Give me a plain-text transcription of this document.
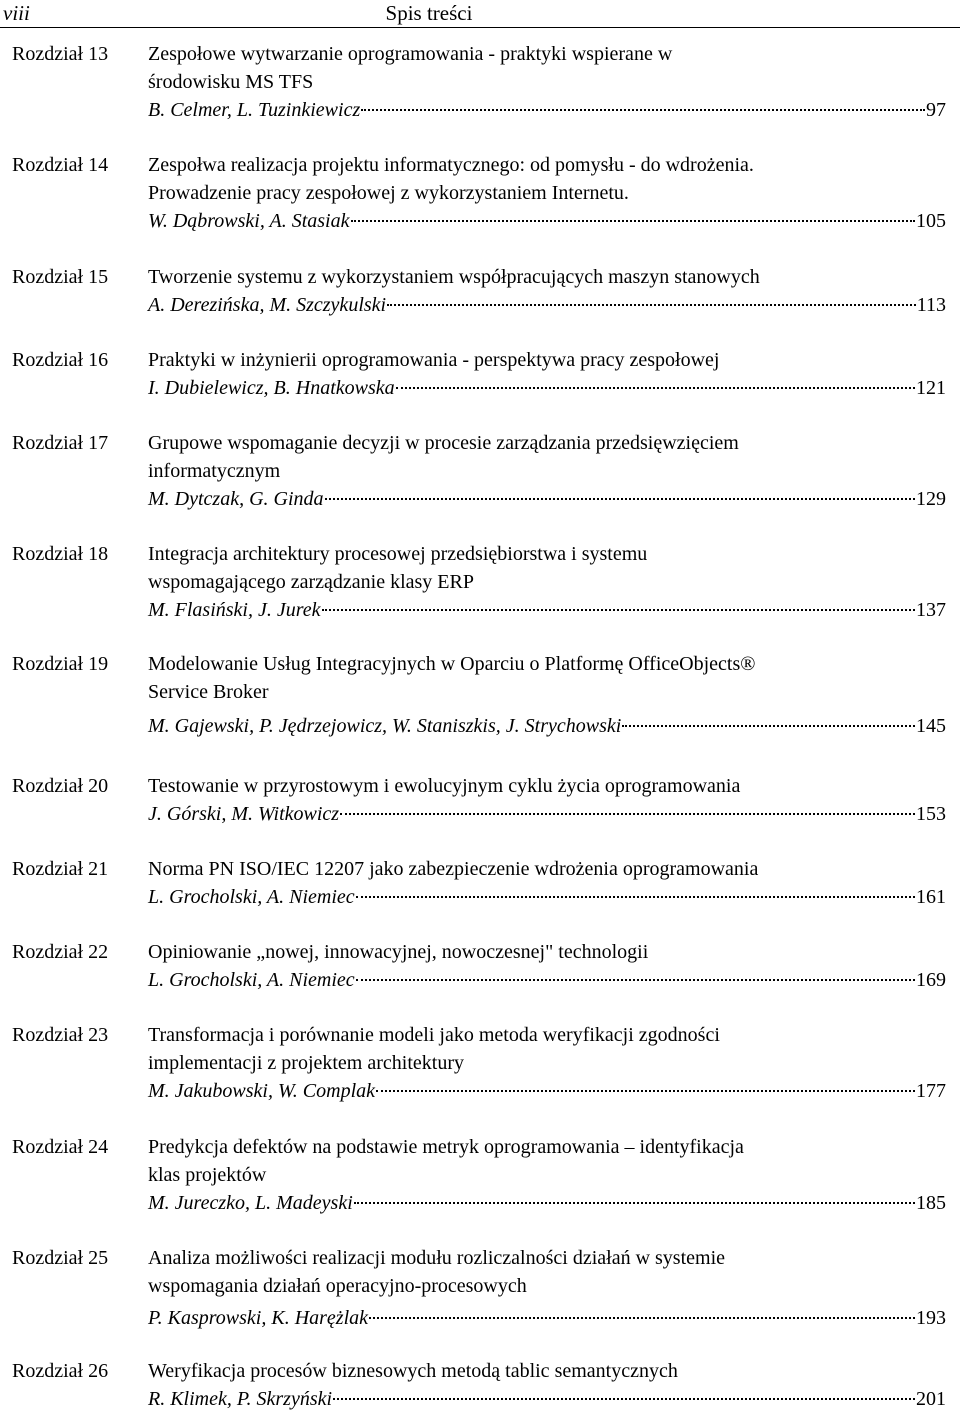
viii	Spis treści
Rozdział 13 Zespołowe wytwarzanie oprogramowania - praktyki wspierane w
środowisku MS TFS
B. Celmer, L. Tuzinkiewicz	97
Rozdział 14 Zespołwa realizacja projektu informatycznego: od pomysłu - do wdrożenia.
Prowadzenie pracy zespołowej z wykorzystaniem Internetu.
W. Dąbrowski, A. Stasiak	105
Rozdział 15 Tworzenie systemu z wykorzystaniem współpracujących maszyn stanowych
A. Derezińska, M. Szczykulski	113
Rozdział 16 Praktyki w inżynierii oprogramowania - perspektywa pracy zespołowej
I. Dubielewicz, B. Hnatkowska	121
Rozdział 17 Grupowe wspomaganie decyzji w procesie zarządzania przedsięwzięciem
informatycznym
M. Dytczak, G. Ginda	129
Rozdział 18 Integracja architektury procesowej przedsiębiorstwa i systemu
wspomagającego zarządzanie klasy ERP
M. Flasiński, J. Jurek	137
Rozdział 19 Modelowanie Usług Integracyjnych w Oparciu o Platformę OfficeObjects®
Service Broker
M. Gajewski, P. Jędrzejowicz, W. Staniszkis, J. Strychowski	145
Rozdział 20 Testowanie w przyrostowym i ewolucyjnym cyklu życia oprogramowania
J. Górski, M. Witkowicz	153
Rozdział 21 Norma PN ISO/IEC 12207 jako zabezpieczenie wdrożenia oprogramowania
L. Grocholski, A. Niemiec	161
Rozdział 22 Opiniowanie „nowej, innowacyjnej, nowoczesnej" technologii
L. Grocholski, A. Niemiec	169
Rozdział 23 Transformacja i porównanie modeli jako metoda weryfikacji zgodności
implementacji z projektem architektury
M. Jakubowski, W. Complak	177
Rozdział 24 Predykcja defektów na podstawie metryk oprogramowania – identyfikacja
klas projektów
M. Jureczko, L. Madeyski	185
Rozdział 25 Analiza możliwości realizacji modułu rozliczalności działań w systemie
wspomagania działań operacyjno-procesowych
P. Kasprowski, K. Harężlak	193
Rozdział 26 Weryfikacja procesów biznesowych metodą tablic semantycznych
R. Klimek, P. Skrzyński	201
